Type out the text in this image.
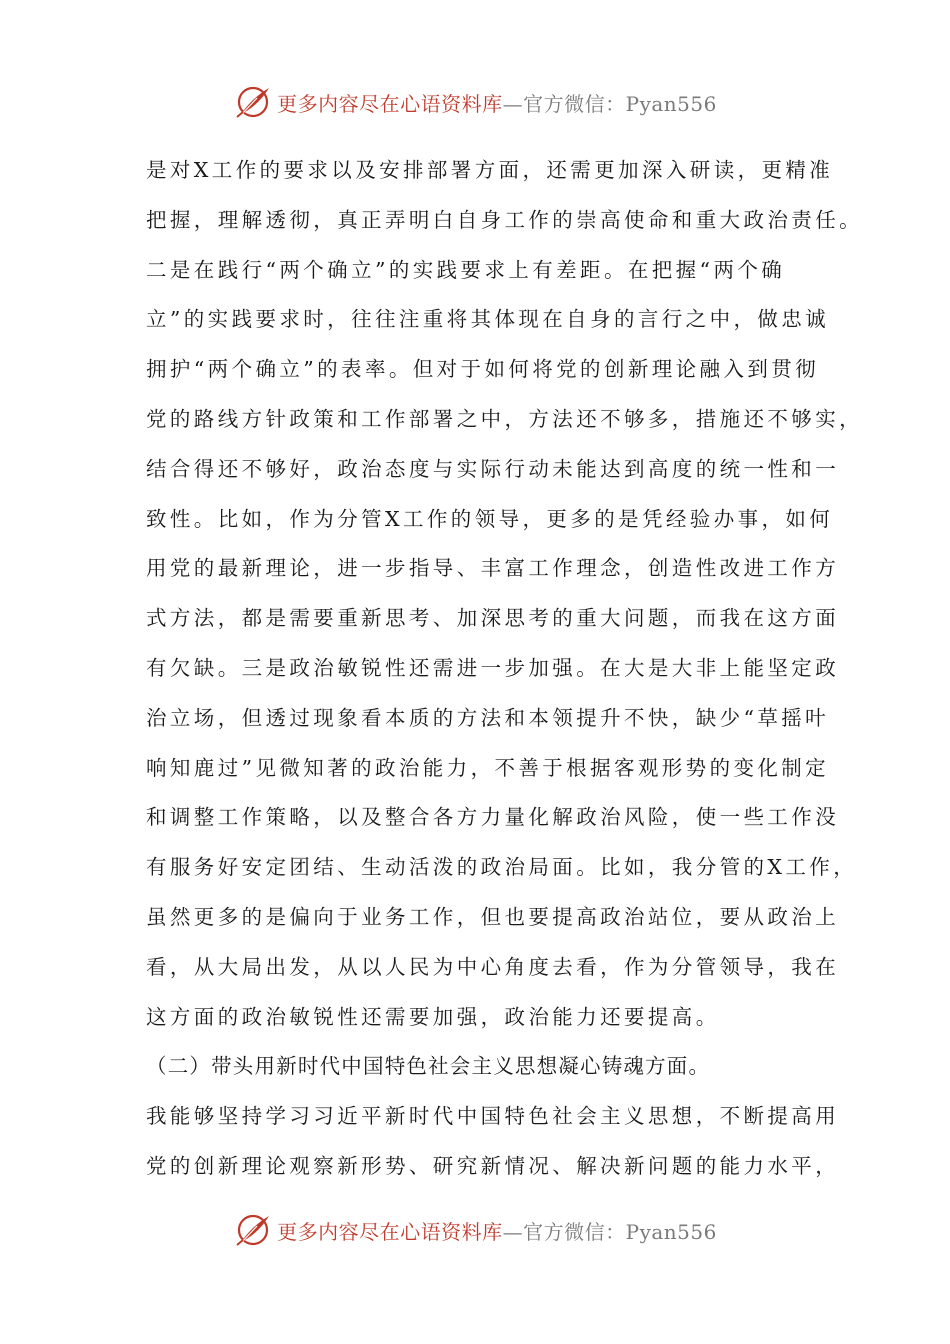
更多内容尽在心语资料库—官方微信：Pyan556
是对X工作的要求以及安排部署方面，还需更加深入研读，更精准
把握，理解透彻，真正弄明白自身工作的崇高使命和重大政治责任。
二是在践行“两个确立”的实践要求上有差距。在把握“两个确
立”的实践要求时，往往注重将其体现在自身的言行之中，做忠诚
拥护“两个确立”的表率。但对于如何将党的创新理论融入到贯彻
党的路线方针政策和工作部署之中，方法还不够多，措施还不够实，
结合得还不够好，政治态度与实际行动未能达到高度的统一性和一
致性。比如，作为分管X工作的领导，更多的是凭经验办事，如何
用党的最新理论，进一步指导、丰富工作理念，创造性改进工作方
式方法，都是需要重新思考、加深思考的重大问题，而我在这方面
有欠缺。三是政治敏锐性还需进一步加强。在大是大非上能坚定政
治立场，但透过现象看本质的方法和本领提升不快，缺少“草摇叶
响知鹿过”见微知著的政治能力，不善于根据客观形势的变化制定
和调整工作策略，以及整合各方力量化解政治风险，使一些工作没
有服务好安定团结、生动活泼的政治局面。比如，我分管的X工作，
虽然更多的是偏向于业务工作，但也要提高政治站位，要从政治上
看，从大局出发，从以人民为中心角度去看，作为分管领导，我在
这方面的政治敏锐性还需要加强，政治能力还要提高。
（二）带头用新时代中国特色社会主义思想凝心铸魂方面。
我能够坚持学习习近平新时代中国特色社会主义思想，不断提高用
党的创新理论观察新形势、研究新情况、解决新问题的能力水平，
更多内容尽在心语资料库—官方微信：Pyan556
